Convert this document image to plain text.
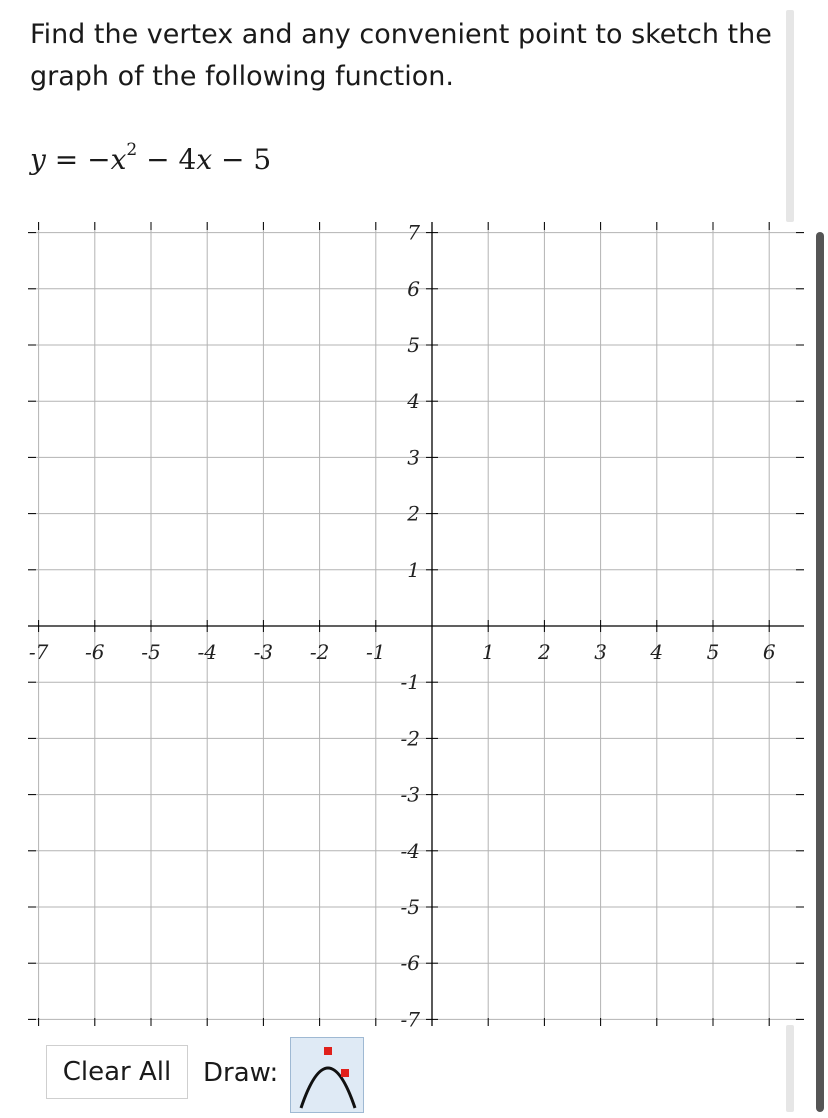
Find the vertex and any convenient point to sketch the graph of the following function.

$y = -x^2 - 4x - 5$
-7 -6 -5 -4 -3 -2 -1	1 2 3 4 5 6
7
6
5
4
3
2
1
-1
-2
-3
-4
-5
-6
-7
Clear All	Draw:
